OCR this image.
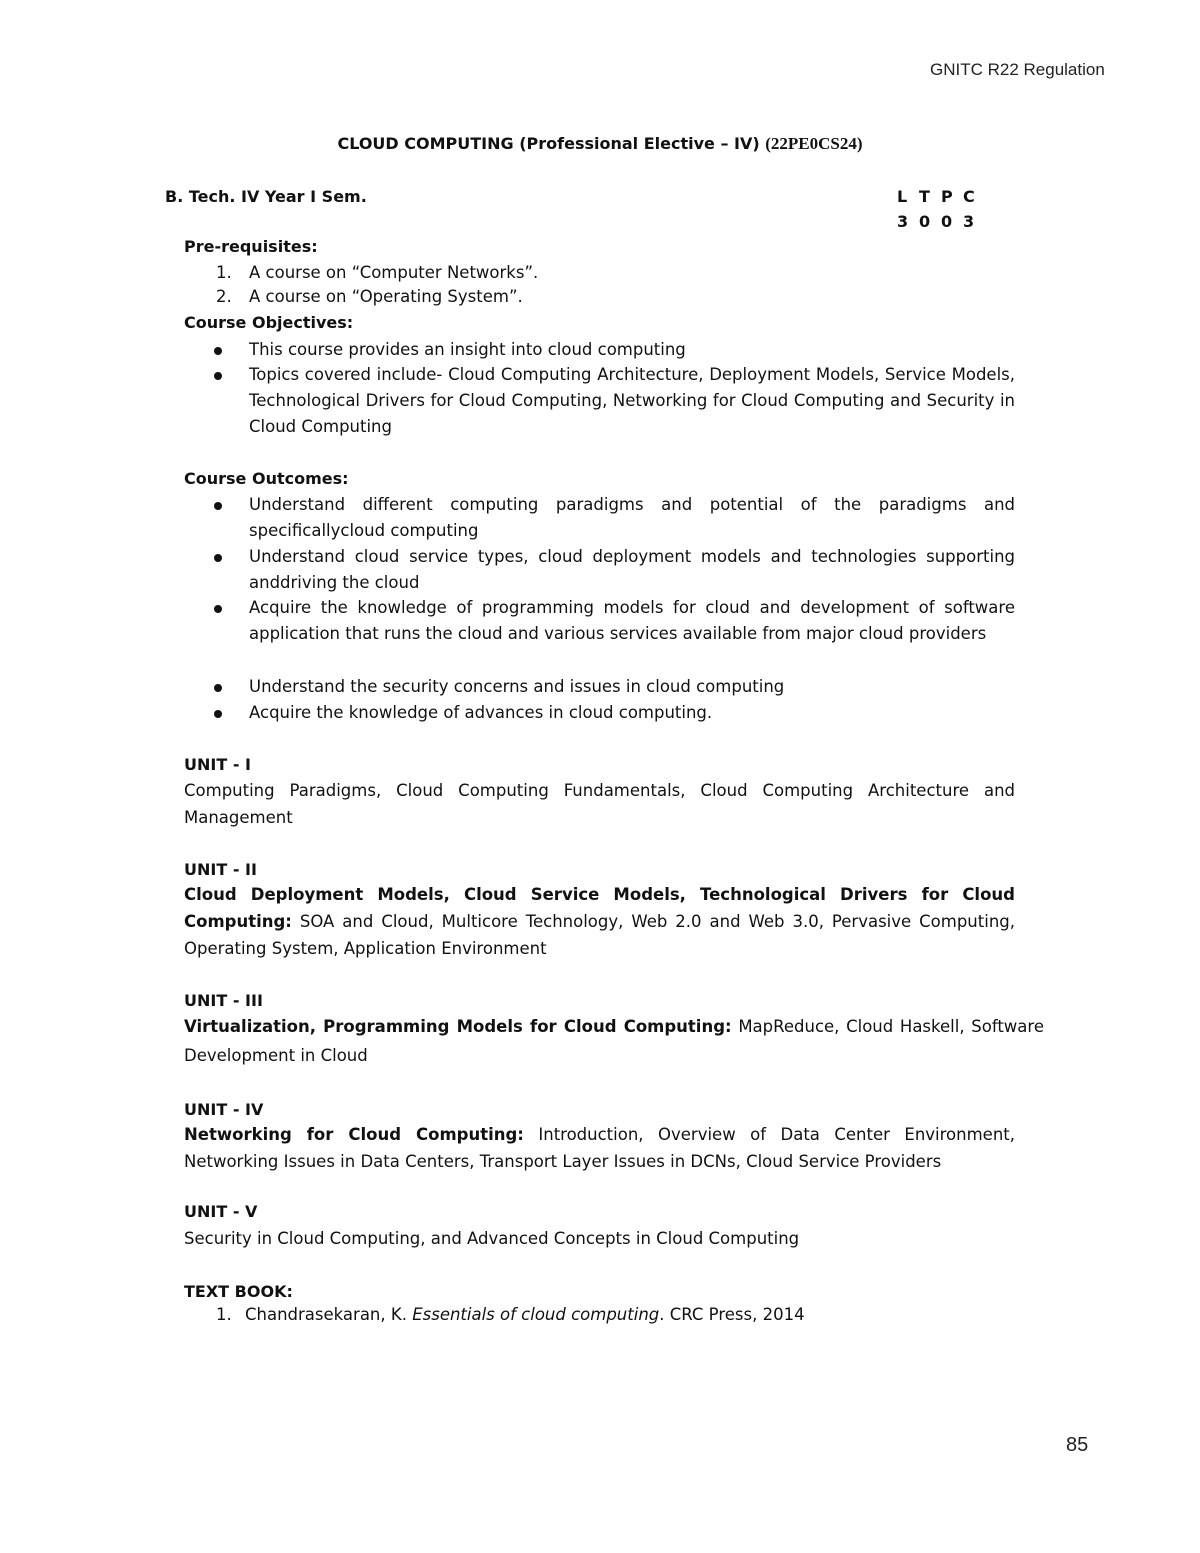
GNITC R22 Regulation
CLOUD COMPUTING (Professional Elective – IV) (22PE0CS24)
B. Tech. IV Year I Sem.	L T P C
3 0 0 3
Pre-requisites:
1. A course on “Computer Networks”.
2. A course on “Operating System”.
Course Objectives:
This course provides an insight into cloud computing
Topics covered include- Cloud Computing Architecture, Deployment Models, Service Models, Technological Drivers for Cloud Computing, Networking for Cloud Computing and Security in Cloud Computing
Course Outcomes:
Understand different computing paradigms and potential of the paradigms and specificallycloud computing
Understand cloud service types, cloud deployment models and technologies supporting anddriving the cloud
Acquire the knowledge of programming models for cloud and development of software application that runs the cloud and various services available from major cloud providers
Understand the security concerns and issues in cloud computing
Acquire the knowledge of advances in cloud computing.
UNIT - I
Computing Paradigms, Cloud Computing Fundamentals, Cloud Computing Architecture and Management
UNIT - II
Cloud Deployment Models, Cloud Service Models, Technological Drivers for Cloud Computing: SOA and Cloud, Multicore Technology, Web 2.0 and Web 3.0, Pervasive Computing, Operating System, Application Environment
UNIT - III
Virtualization, Programming Models for Cloud Computing: MapReduce, Cloud Haskell, Software Development in Cloud
UNIT - IV
Networking for Cloud Computing: Introduction, Overview of Data Center Environment, Networking Issues in Data Centers, Transport Layer Issues in DCNs, Cloud Service Providers
UNIT - V
Security in Cloud Computing, and Advanced Concepts in Cloud Computing
TEXT BOOK:
1. Chandrasekaran, K. Essentials of cloud computing. CRC Press, 2014
85
